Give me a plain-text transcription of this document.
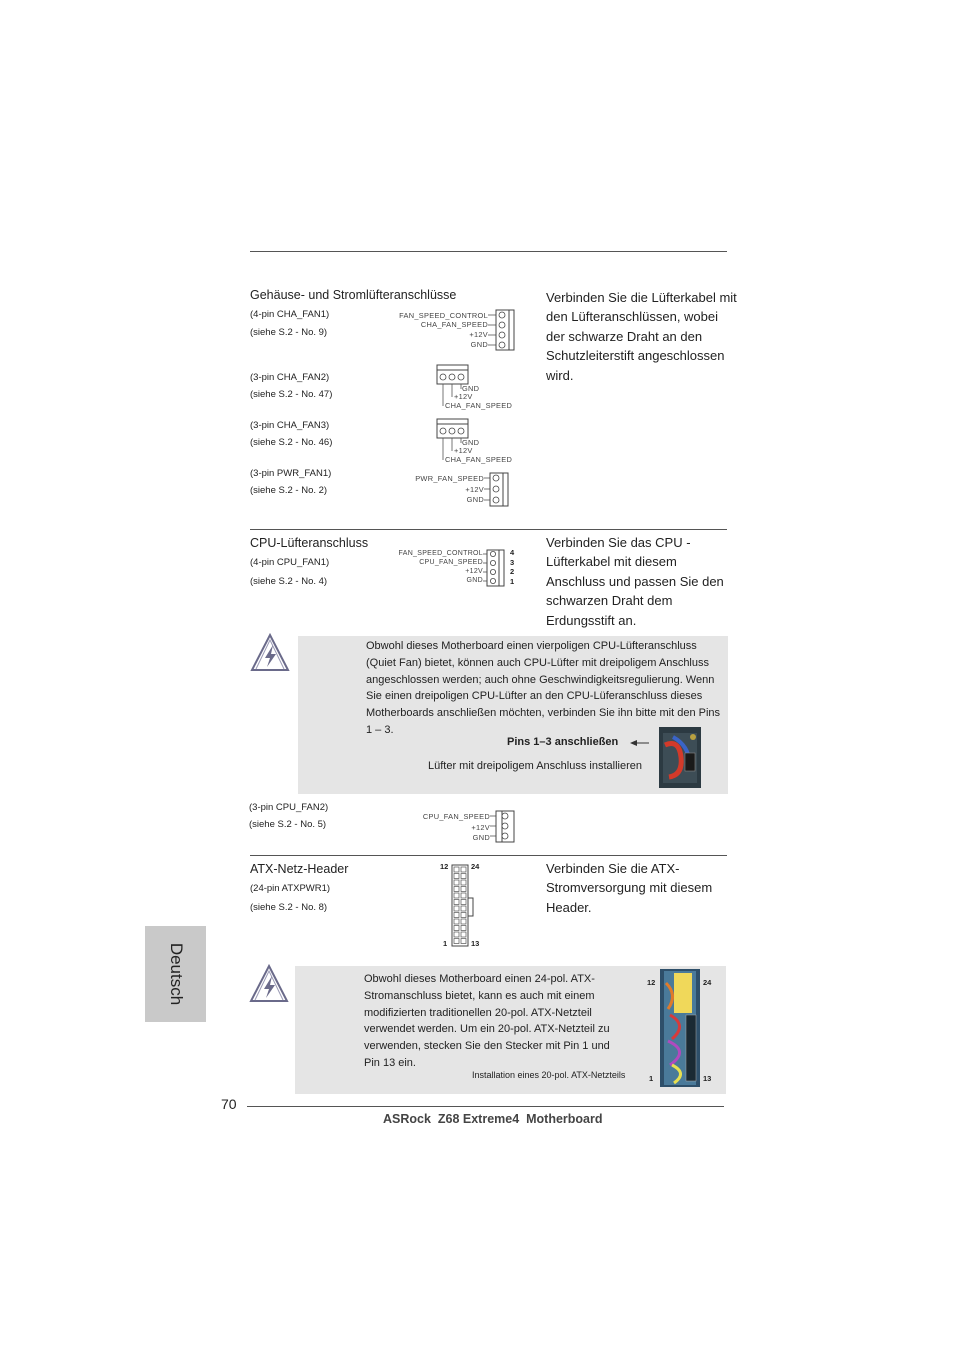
Gehäuse- und Stromlüfteranschlüsse	Verbinden Sie die Lüfterkabel mit den Lüfteranschlüssen, wobei der schwarze Draht an den Schutzleiterstift angeschlossen wird.
(4-pin CHA_FAN1)
(siehe S.2 - No. 9)
FAN_SPEED_CONTROL
CHA_FAN_SPEED
+12V
GND
(3-pin CHA_FAN2)
(siehe S.2 - No. 47)
GND
+12V
CHA_FAN_SPEED
(3-pin CHA_FAN3)
(siehe S.2 - No. 46)	GND
+12V
CHA_FAN_SPEED
(3-pin PWR_FAN1)
(siehe S.2 - No. 2)
PWR_FAN_SPEED
+12V
GND
CPU-Lüfteranschluss
(4-pin CPU_FAN1)
(siehe S.2 - No. 4)
Verbinden Sie das CPU - Lüfterkabel mit diesem Anschluss und passen Sie den schwarzen Draht dem Erdungsstift an.
FAN_SPEED_CONTROL
CPU_FAN_SPEED
+12V
GND
4
3
2
1
Obwohl dieses Motherboard einen vierpoligen CPU-Lüfteranschluss (Quiet Fan) bietet, können auch CPU-Lüfter mit dreipoligem Anschluss angeschlossen werden; auch ohne Geschwindigkeitsregulierung. Wenn Sie einen dreipoligen CPU-Lüfter an den CPU-Lüferanschluss dieses Motherboards anschließen möchten, verbinden Sie ihn bitte mit den Pins 1 – 3.
Pins 1–3 anschließen
Lüfter mit dreipoligem Anschluss installieren
(3-pin CPU_FAN2)
(siehe S.2 - No. 5)
CPU_FAN_SPEED
+12V
GND
ATX-Netz-Header
(24-pin ATXPWR1)
(siehe S.2 - No. 8)
Verbinden Sie die ATX-Stromversorgung mit diesem Header.
12	24
1	13
Obwohl dieses Motherboard einen 24-pol. ATX-Stromanschluss bietet, kann es auch mit einem modifizierten traditionellen 20-pol. ATX-Netzteil verwendet werden. Um ein 20-pol. ATX-Netzteil zu verwenden, stecken Sie den Stecker mit Pin 1 und Pin 13 ein.
Installation eines 20-pol. ATX-Netzteils
12	24
1	13
Deutsch
70
ASRock  Z68 Extreme4  Motherboard
